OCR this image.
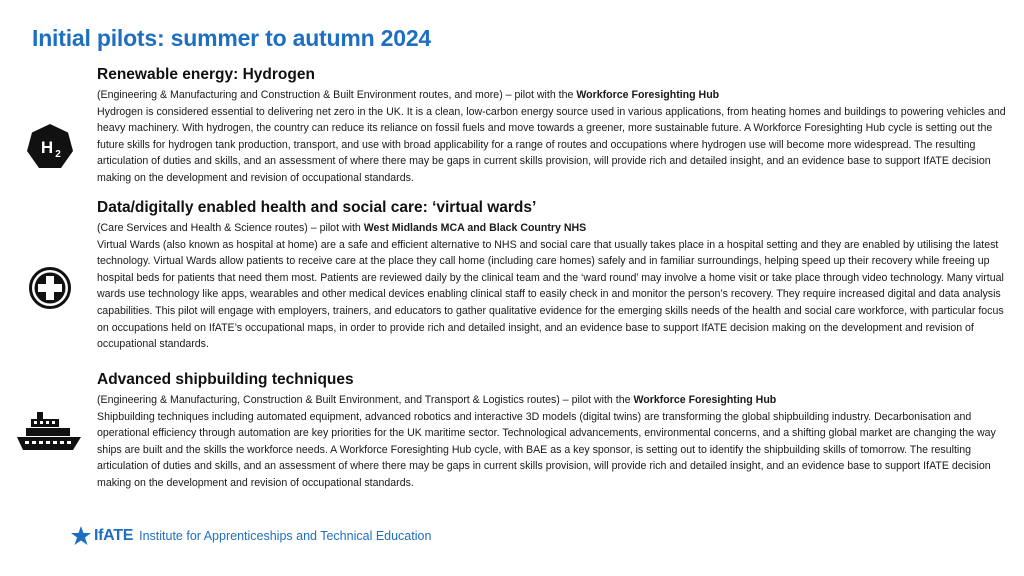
Initial pilots: summer to autumn 2024
Renewable energy: Hydrogen

(Engineering & Manufacturing and Construction & Built Environment routes, and more) – pilot with the Workforce Foresighting Hub

Hydrogen is considered essential to delivering net zero in the UK. It is a clean, low-carbon energy source used in various applications, from heating homes and buildings to powering vehicles and heavy machinery. With hydrogen, the country can reduce its reliance on fossil fuels and move towards a greener, more sustainable future. A Workforce Foresighting Hub cycle is setting out the future skills for hydrogen tank production, transport, and use with broad applicability for a range of routes and occupations where hydrogen use will become more widespread. The resulting articulation of duties and skills, and an assessment of where there may be gaps in current skills provision, will provide rich and detailed insight, and an evidence base to support IfATE decision making on the development and revision of occupational standards.

H 2
Data/digitally enabled health and social care: ‘virtual wards’

(Care Services and Health & Science routes) – pilot with West Midlands MCA and Black Country NHS

Virtual Wards (also known as hospital at home) are a safe and efficient alternative to NHS and social care that usually takes place in a hospital setting and they are enabled by utilising the latest technology. Virtual Wards allow patients to receive care at the place they call home (including care homes) safely and in familiar surroundings, helping speed up their recovery while freeing up hospital beds for patients that need them most. Patients are reviewed daily by the clinical team and the ‘ward round’ may involve a home visit or take place through video technology. Many virtual wards use technology like apps, wearables and other medical devices enabling clinical staff to easily check in and monitor the person’s recovery. They require increased digital and data analysis capabilities. This pilot will engage with employers, trainers, and educators to gather qualitative evidence for the emerging skills needs of the health and social care workforce, with particular focus on occupations held on IfATE’s occupational maps, in order to provide rich and detailed insight, and an evidence base to support IfATE decision making on the development and revision of occupational standards.

Advanced shipbuilding techniques

(Engineering & Manufacturing, Construction & Built Environment, and Transport & Logistics routes) – pilot with the Workforce Foresighting Hub

Shipbuilding techniques including automated equipment, advanced robotics and interactive 3D models (digital twins) are transforming the global shipbuilding industry. Decarbonisation and operational efficiency through automation are key priorities for the UK maritime sector. Technological advancements, environmental concerns, and a shifting global market are changing the way ships are built and the skills the workforce needs. A Workforce Foresighting Hub cycle, with BAE as a key sponsor, is setting out to identify the shipbuilding skills of tomorrow. The resulting articulation of duties and skills, and an assessment of where there may be gaps in current skills provision, will provide rich and detailed insight, and an evidence base to support IfATE decision making on the development and revision of occupational standards.

IfATE Institute for Apprenticeships and Technical Education
